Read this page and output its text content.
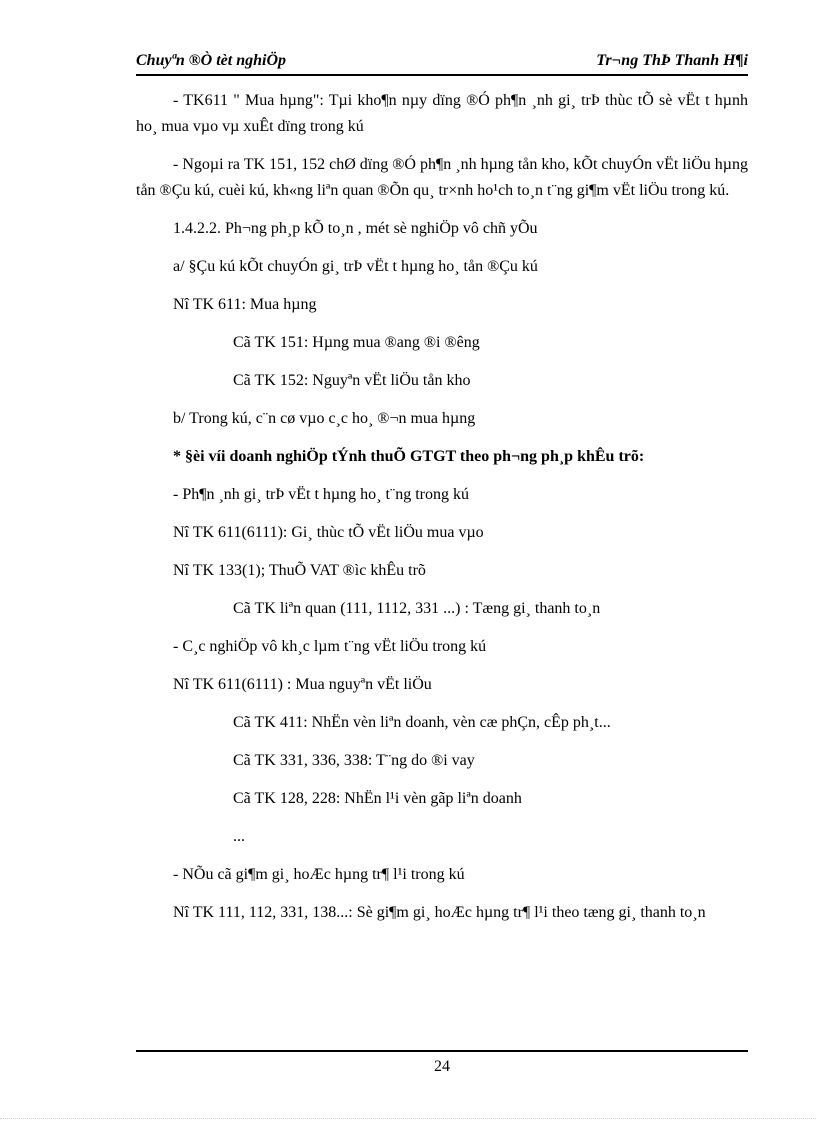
Chuyªn ®Ò tèt nghiÖp	Tr¬ng ThÞ Thanh H¶i

- TK611 " Mua hµng": Tµi kho¶n nµy dïng ®Ó ph¶n ¸nh gi¸ trÞ thùc tÕ sè vËt t hµnh ho¸ mua vµo vµ xuÊt dïng trong kú

- Ngoµi ra TK 151, 152 chØ dïng ®Ó ph¶n ¸nh hµng tån kho, kÕt chuyÓn vËt liÖu hµng tån ®Çu kú, cuèi kú, kh«ng liªn quan ®Õn qu¸ tr×nh ho¹ch to¸n t¨ng gi¶m vËt liÖu trong kú.

1.4.2.2. Ph¬ng ph¸p kÕ to¸n , mét sè nghiÖp vô chñ yÕu

a/ §Çu kú kÕt chuyÓn gi¸ trÞ vËt t hµng ho¸ tån ®Çu kú

Nî TK 611: Mua hµng

Cã TK 151: Hµng mua ®ang ®i ®êng

Cã TK 152: Nguyªn vËt liÖu tån kho

b/ Trong kú, c¨n cø vµo c¸c ho¸ ®¬n mua hµng

* §èi víi doanh nghiÖp tÝnh thuÕ GTGT theo ph¬ng ph¸p khÊu trõ:

- Ph¶n ¸nh gi¸ trÞ vËt t hµng ho¸ t¨ng trong kú

Nî TK 611(6111): Gi¸ thùc tÕ vËt liÖu mua vµo

Nî TK 133(1); ThuÕ VAT ®ìc khÊu trõ

Cã TK liªn quan (111, 1112, 331 ...) : Tæng gi¸ thanh to¸n

- C¸c nghiÖp vô kh¸c lµm t¨ng vËt liÖu trong kú

Nî TK 611(6111) : Mua nguyªn vËt liÖu

Cã TK 411: NhËn vèn liªn doanh, vèn cæ phÇn, cÊp ph¸t...

Cã TK 331, 336, 338: T¨ng do ®i vay

Cã TK 128, 228: NhËn l¹i vèn gãp liªn doanh

...

- NÕu cã gi¶m gi¸ hoÆc hµng tr¶ l¹i trong kú

Nî TK 111, 112, 331, 138...: Sè gi¶m gi¸ hoÆc hµng tr¶ l¹i theo tæng gi¸ thanh to¸n

24
